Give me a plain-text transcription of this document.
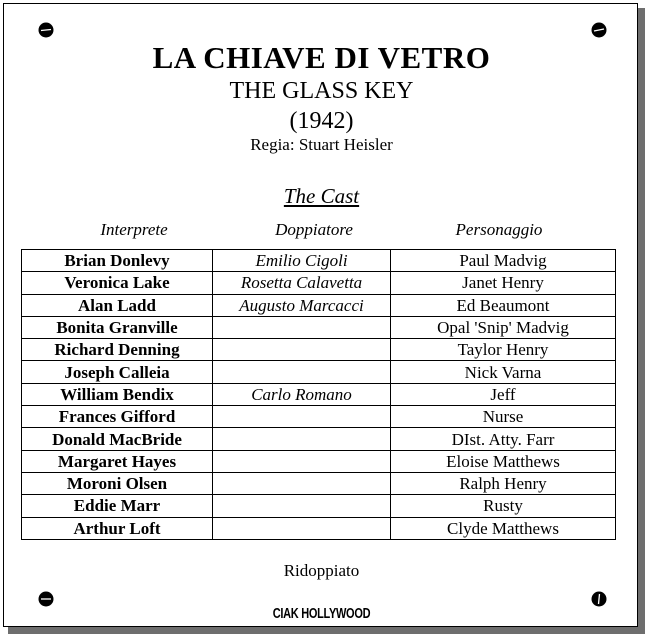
LA CHIAVE DI VETRO
THE GLASS KEY
(1942)
Regia: Stuart Heisler
The Cast
Interprete	Doppiatore	Personaggio
Brian Donlevy	Emilio Cigoli	Paul Madvig
Veronica Lake	Rosetta Calavetta	Janet Henry
Alan Ladd	Augusto Marcacci	Ed Beaumont
Bonita Granville		Opal 'Snip' Madvig
Richard Denning		Taylor Henry
Joseph Calleia		Nick Varna
William Bendix	Carlo Romano	Jeff
Frances Gifford		Nurse
Donald MacBride		DIst. Atty. Farr
Margaret Hayes		Eloise Matthews
Moroni Olsen		Ralph Henry
Eddie Marr		Rusty
Arthur Loft		Clyde Matthews
Ridoppiato
CIAK HOLLYWOOD
